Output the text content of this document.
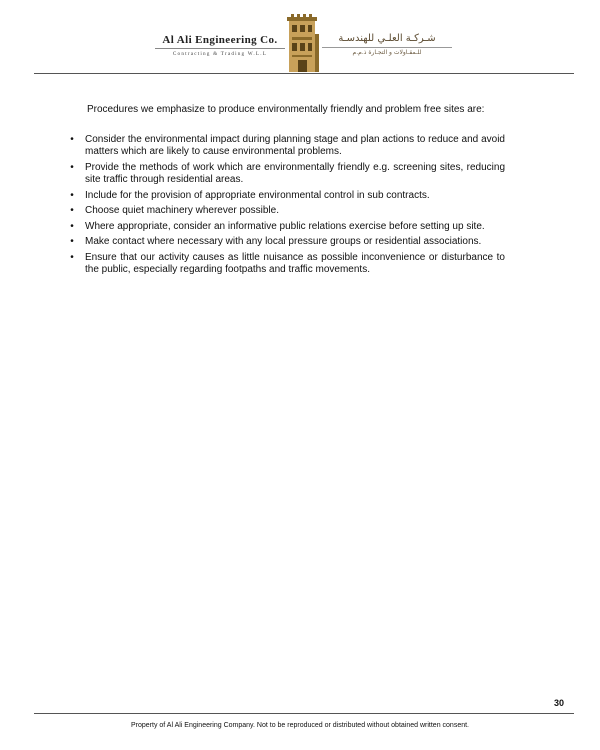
Al Ali Engineering Co.
Contracting & Trading W.L.L
شـركـة العلـي للهندسـة
للـمقـاولات و التجـارة ذ.م.م
Procedures we emphasize to produce environmentally friendly and problem free sites are:
•	Consider the environmental impact during planning stage and plan actions to reduce and avoid matters which are likely to cause environmental problems.
•	Provide the methods of work which are environmentally friendly e.g. screening sites, reducing site traffic through residential areas.
•	Include for the provision of appropriate environmental control in sub contracts.
•	Choose quiet machinery wherever possible.
•	Where appropriate, consider an informative public relations exercise before setting up site.
•	Make contact where necessary with any local pressure groups or residential associations.
•	Ensure that our activity causes as little nuisance as possible inconvenience or disturbance to the public, especially regarding footpaths and traffic movements.
30
Property of Al Ali Engineering Company. Not to be reproduced or distributed without obtained written consent.
